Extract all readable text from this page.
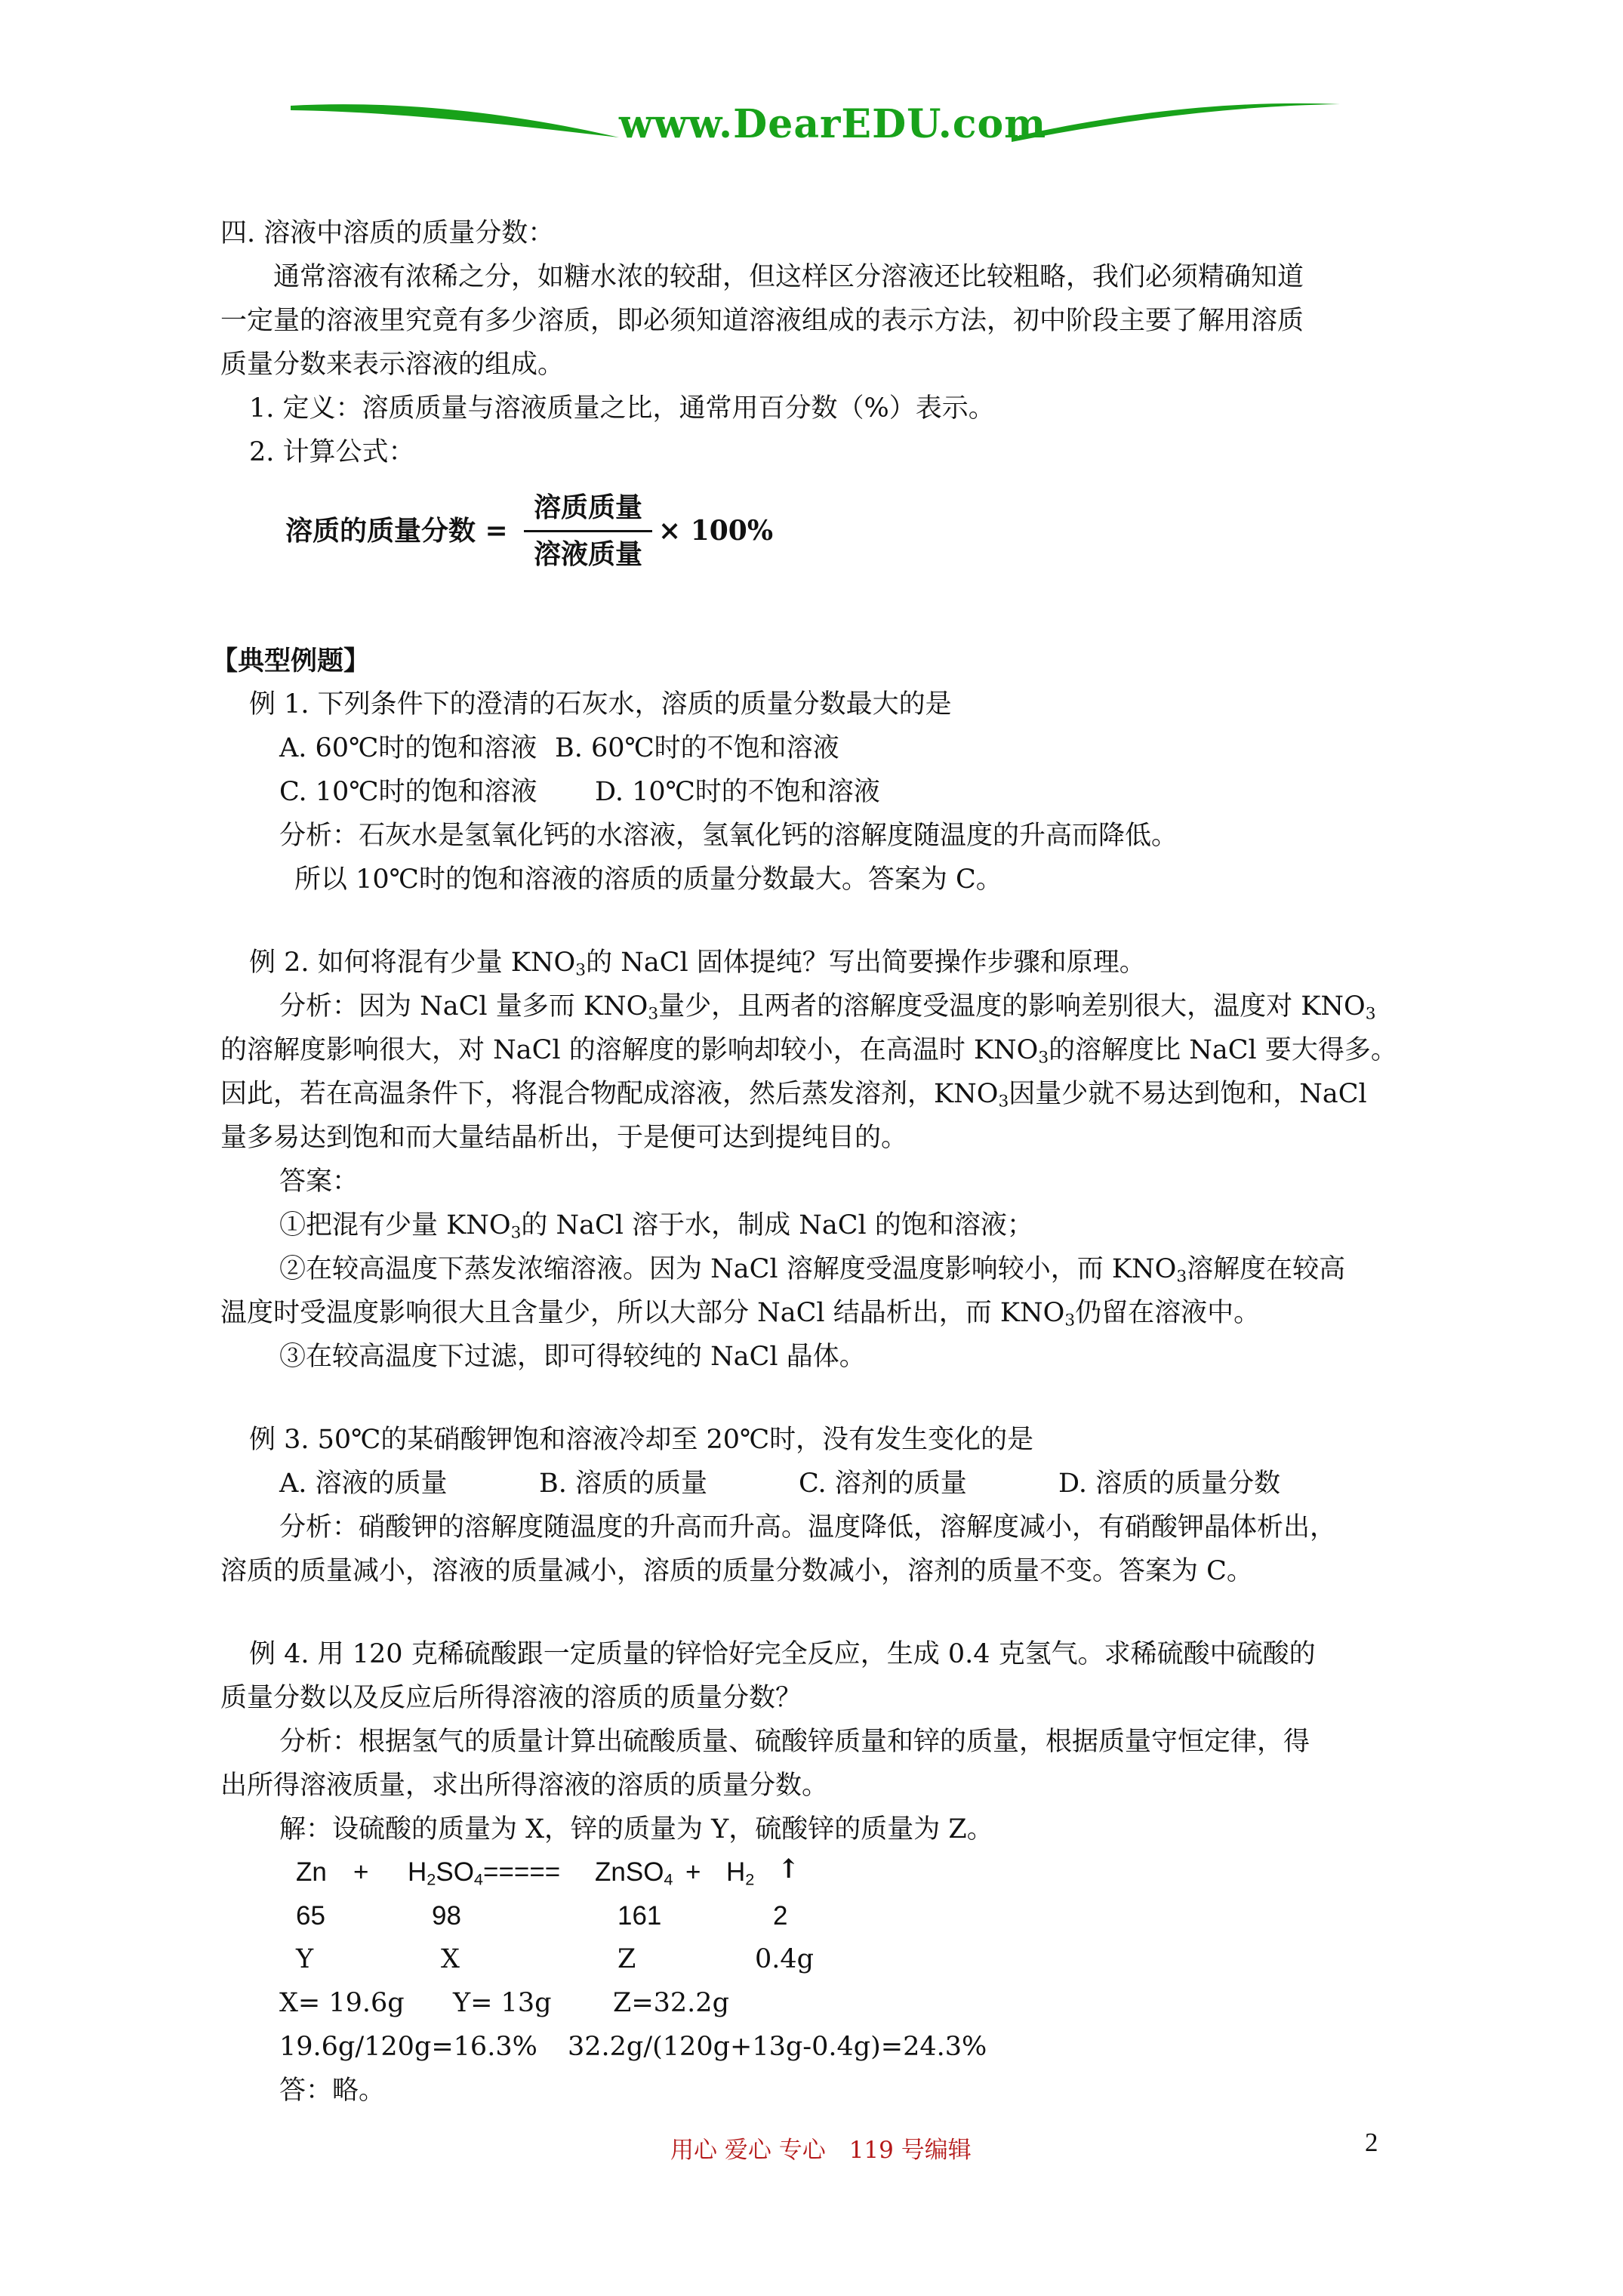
www.DearEDU.com
四. 溶液中溶质的质量分数：
通常溶液有浓稀之分，如糖水浓的较甜，但这样区分溶液还比较粗略，我们必须精确知道
一定量的溶液里究竟有多少溶质，即必须知道溶液组成的表示方法，初中阶段主要了解用溶质
质量分数来表示溶液的组成。
1. 定义：溶质质量与溶液质量之比，通常用百分数（%）表示。
2. 计算公式：
溶质的质量分数 =
溶质质量
溶液质量
× 100%
【典型例题】
例 1. 下列条件下的澄清的石灰水，溶质的质量分数最大的是
A. 60℃时的饱和溶液 B. 60℃时的不饱和溶液
C. 10℃时的饱和溶液 D. 10℃时的不饱和溶液
分析：石灰水是氢氧化钙的水溶液，氢氧化钙的溶解度随温度的升高而降低。
所以 10℃时的饱和溶液的溶质的质量分数最大。答案为 C。
例 2. 如何将混有少量 $KNO_3$的 NaCl 固体提纯？写出简要操作步骤和原理。
分析：因为 NaCl 量多而 $KNO_3$量少，且两者的溶解度受温度的影响差别很大，温度对 $KNO_3$
的溶解度影响很大，对 NaCl 的溶解度的影响却较小，在高温时 $KNO_3$的溶解度比 NaCl 要大得多。
因此，若在高温条件下，将混合物配成溶液，然后蒸发溶剂，$KNO_3$因量少就不易达到饱和，NaCl
量多易达到饱和而大量结晶析出，于是便可达到提纯目的。
答案：
①把混有少量 $KNO_3$的 NaCl 溶于水，制成 NaCl 的饱和溶液；
②在较高温度下蒸发浓缩溶液。因为 NaCl 溶解度受温度影响较小，而 $KNO_3$溶解度在较高
温度时受温度影响很大且含量少，所以大部分 NaCl 结晶析出，而 $KNO_3$仍留在溶液中。
③在较高温度下过滤，即可得较纯的 NaCl 晶体。
例 3. 50℃的某硝酸钾饱和溶液冷却至 20℃时，没有发生变化的是
A. 溶液的质量	B. 溶质的质量	C. 溶剂的质量	D. 溶质的质量分数
分析：硝酸钾的溶解度随温度的升高而升高。温度降低，溶解度减小，有硝酸钾晶体析出，
溶质的质量减小，溶液的质量减小，溶质的质量分数减小，溶剂的质量不变。答案为 C。
例 4. 用 120 克稀硫酸跟一定质量的锌恰好完全反应，生成 0.4 克氢气。求稀硫酸中硫酸的
质量分数以及反应后所得溶液的溶质的质量分数？
分析：根据氢气的质量计算出硫酸质量、硫酸锌质量和锌的质量，根据质量守恒定律，得
出所得溶液质量，求出所得溶液的溶质的质量分数。
解：设硫酸的质量为 X，锌的质量为 Y，硫酸锌的质量为 Z。
$Zn + H_2SO_4$ ===== ZnSO$_4$ + $H_2$ ↑
65	98	161	2
Y	X	Z	0.4g
X= 19.6g Y= 13g Z=32.2g
19.6g/120g=16.3% 32.2g/(120g+13g-0.4g)=24.3%
答：略。
用心 爱心 专心　119 号编辑	2
